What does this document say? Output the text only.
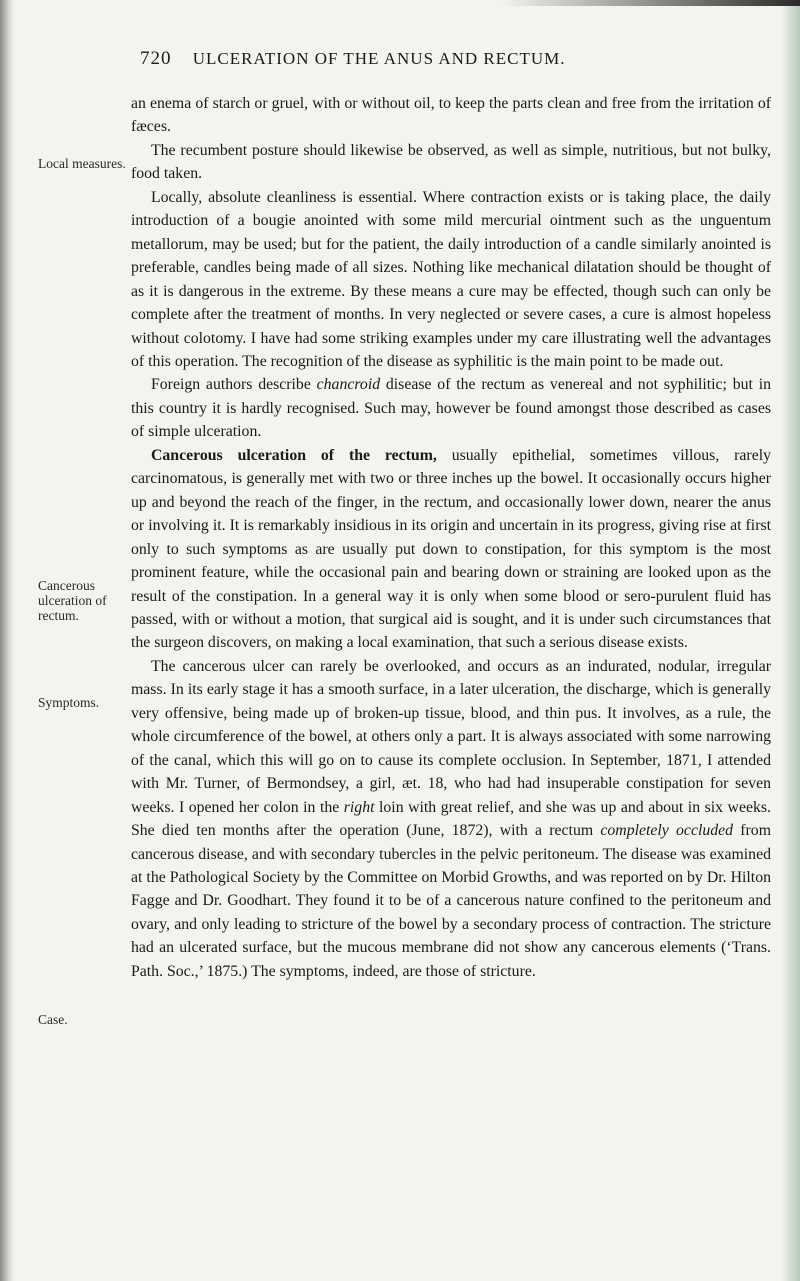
720 ULCERATION OF THE ANUS AND RECTUM.
Local measures.
Cancerous ulceration of rectum.
Symptoms.
Case.

an enema of starch or gruel, with or without oil, to keep the parts clean and free from the irritation of fæces.

The recumbent posture should likewise be observed, as well as simple, nutritious, but not bulky, food taken.

Locally, absolute cleanliness is essential. Where contraction exists or is taking place, the daily introduction of a bougie anointed with some mild mercurial ointment such as the unguentum metallorum, may be used; but for the patient, the daily introduction of a candle similarly anointed is preferable, candles being made of all sizes. Nothing like mechanical dilatation should be thought of as it is dangerous in the extreme. By these means a cure may be effected, though such can only be complete after the treatment of months. In very neglected or severe cases, a cure is almost hopeless without colotomy. I have had some striking examples under my care illustrating well the advantages of this operation. The recognition of the disease as syphilitic is the main point to be made out.

Foreign authors describe chancroid disease of the rectum as venereal and not syphilitic; but in this country it is hardly recognised. Such may, however be found amongst those described as cases of simple ulceration.

Cancerous ulceration of the rectum, usually epithelial, sometimes villous, rarely carcinomatous, is generally met with two or three inches up the bowel. It occasionally occurs higher up and beyond the reach of the finger, in the rectum, and occasionally lower down, nearer the anus or involving it. It is remarkably insidious in its origin and uncertain in its progress, giving rise at first only to such symptoms as are usually put down to constipation, for this symptom is the most prominent feature, while the occasional pain and bearing down or straining are looked upon as the result of the constipation. In a general way it is only when some blood or sero-purulent fluid has passed, with or without a motion, that surgical aid is sought, and it is under such circumstances that the surgeon discovers, on making a local examination, that such a serious disease exists.

The cancerous ulcer can rarely be overlooked, and occurs as an indurated, nodular, irregular mass. In its early stage it has a smooth surface, in a later ulceration, the discharge, which is generally very offensive, being made up of broken-up tissue, blood, and thin pus. It involves, as a rule, the whole circumference of the bowel, at others only a part. It is always associated with some narrowing of the canal, which this will go on to cause its complete occlusion. In September, 1871, I attended with Mr. Turner, of Bermondsey, a girl, æt. 18, who had had insuperable constipation for seven weeks. I opened her colon in the right loin with great relief, and she was up and about in six weeks. She died ten months after the operation (June, 1872), with a rectum completely occluded from cancerous disease, and with secondary tubercles in the pelvic peritoneum. The disease was examined at the Pathological Society by the Committee on Morbid Growths, and was reported on by Dr. Hilton Fagge and Dr. Goodhart. They found it to be of a cancerous nature confined to the peritoneum and ovary, and only leading to stricture of the bowel by a secondary process of contraction. The stricture had an ulcerated surface, but the mucous membrane did not show any cancerous elements (‘Trans. Path. Soc.,’ 1875.) The symptoms, indeed, are those of stricture.
